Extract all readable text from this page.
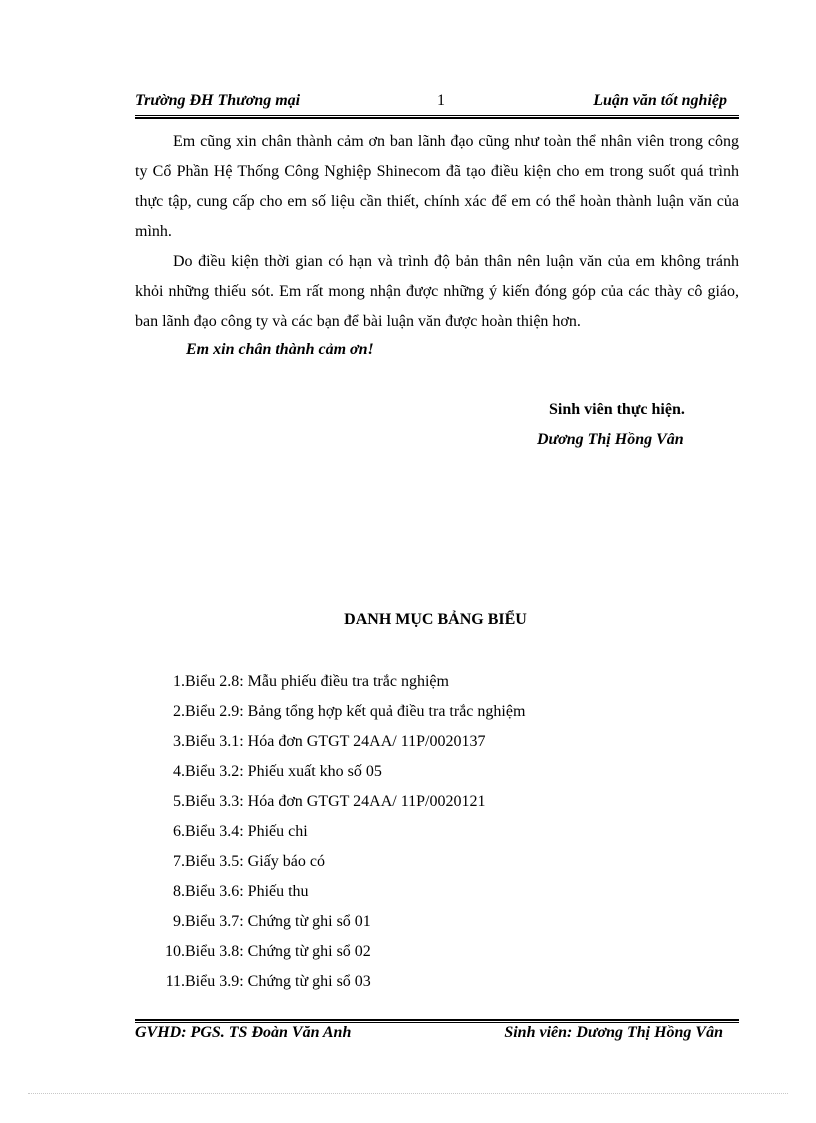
Trường ĐH Thương mại	1	Luận văn tốt nghiệp
Em cũng xin chân thành cảm ơn ban lãnh đạo cũng như toàn thể nhân viên trong công ty Cổ Phần Hệ Thống Công Nghiệp Shinecom đã tạo điều kiện cho em trong suốt quá trình thực tập, cung cấp cho em số liệu cần thiết, chính xác để em có thể hoàn thành luận văn của mình.
Do điều kiện thời gian có hạn và trình độ bản thân nên luận văn của em không tránh khỏi những thiếu sót. Em rất mong nhận được những ý kiến đóng góp của các thày cô giáo, ban lãnh đạo công ty và các bạn để bài luận văn được hoàn thiện hơn.
Em xin chân thành cảm ơn!
Sinh viên thực hiện.
Dương Thị Hồng Vân
DANH MỤC BẢNG BIỂU
1. Biểu 2.8: Mẫu phiếu điều tra trắc nghiệm
2. Biểu 2.9: Bảng tổng hợp kết quả điều tra trắc nghiệm
3. Biểu 3.1: Hóa đơn GTGT 24AA/ 11P/0020137
4. Biểu 3.2: Phiếu xuất kho số 05
5. Biểu 3.3: Hóa đơn GTGT 24AA/ 11P/0020121
6. Biểu 3.4: Phiếu chi
7. Biểu 3.5: Giấy báo có
8. Biểu 3.6: Phiếu thu
9. Biểu 3.7: Chứng từ ghi sổ 01
10. Biểu 3.8: Chứng từ ghi sổ 02
11. Biểu 3.9: Chứng từ ghi sổ 03
GVHD: PGS. TS Đoàn Văn Anh	Sinh viên: Dương Thị Hồng Vân
